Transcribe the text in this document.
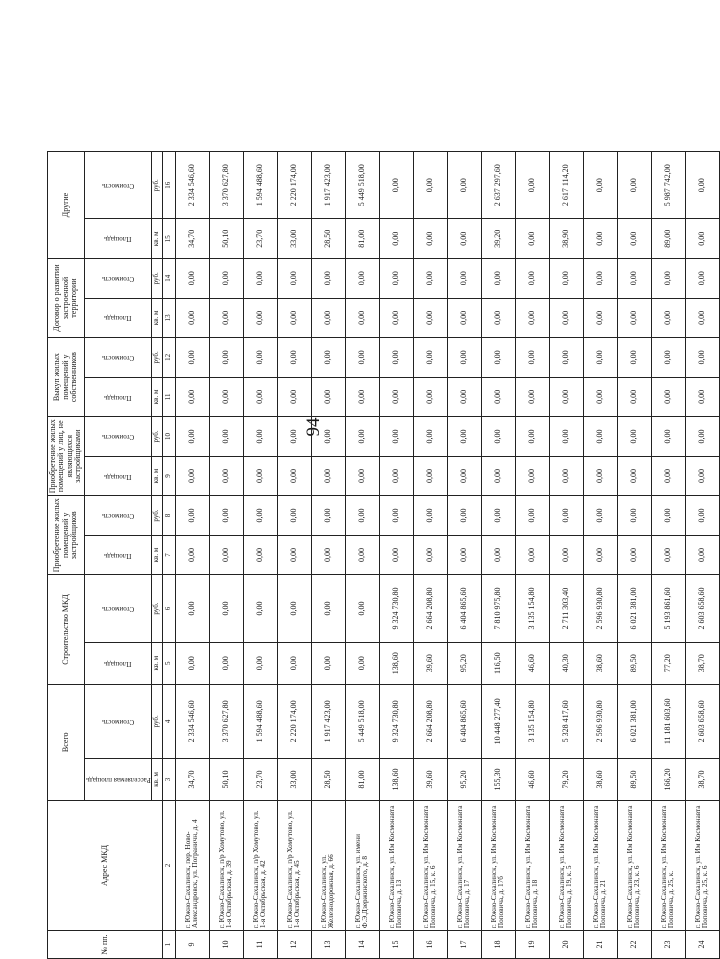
94
№ пп.	Адрес МКД	Всего		Строительство МКД		Приобретение жилых помещений у застройщиков		Приобретение жилых помещений у лиц, не являющихся застройщиками		Выкуп жилых помещений у собственников		Договор о развитии застроенной территории		Другие	

		Расселяемая площадь	Стоимость	Площадь	Стоимость	Площадь	Стоимость	Площадь	Стоимость	Площадь	Стоимость	Площадь	Стоимость	Площадь	Стоимость

		кв. м	руб.	кв. м	руб.	кв. м	руб.	кв. м	руб.	кв. м	руб.	кв. м	руб.	кв. м	руб.
1	2	3	4	5	6	7	8	9	10	11	12	13	14	15	16
9	г. Южно-Сахалинск, пер. Ново-Александровск, ул. Пограничн, д. 4	34,70	2 334 546,60	0,00	0,00	0,00	0,00	0,00	0,00	0,00	0,00	0,00	0,00	34,70	2 334 546,60
10	г. Южно-Сахалинск, п/р Хомутово, ул. 1-я Октябрьская, д. 39	50,10	3 370 627,80	0,00	0,00	0,00	0,00	0,00	0,00	0,00	0,00	0,00	0,00	50,10	3 370 627,80
11	г. Южно-Сахалинск, п/р Хомутово, ул. 1-я Октябрьская, д. 42	23,70	1 594 488,60	0,00	0,00	0,00	0,00	0,00	0,00	0,00	0,00	0,00	0,00	23,70	1 594 488,60
12	г. Южно-Сахалинск, п/р Хомутово, ул. 1-я Октябрьская, д. 45	33,00	2 220 174,00	0,00	0,00	0,00	0,00	0,00	0,00	0,00	0,00	0,00	0,00	33,00	2 220 174,00
13	г. Южно-Сахалинск, ул. Железнодорожная, д. 66	28,50	1 917 423,00	0,00	0,00	0,00	0,00	0,00	0,00	0,00	0,00	0,00	0,00	28,50	1 917 423,00
14	г. Южно-Сахалинск, ул. имени Ф.Э.Дзержинского, д. 8	81,00	5 449 518,00	0,00	0,00	0,00	0,00	0,00	0,00	0,00	0,00	0,00	0,00	81,00	5 449 518,00
15	г. Южно-Сахалинск, ул. Им Космонавта Поповича, д. 13	138,60	9 324 730,80	138,60	9 324 730,80	0,00	0,00	0,00	0,00	0,00	0,00	0,00	0,00	0,00	0,00
16	г. Южно-Сахалинск, ул. Им Космонавта Поповича, д. 15, к. 6	39,60	2 664 208,80	39,60	2 664 208,80	0,00	0,00	0,00	0,00	0,00	0,00	0,00	0,00	0,00	0,00
17	г. Южно-Сахалинск, ул. Им Космонавта Поповича, д. 17	95,20	6 404 865,60	95,20	6 404 865,60	0,00	0,00	0,00	0,00	0,00	0,00	0,00	0,00	0,00	0,00
18	г. Южно-Сахалинск, ул. Им Космонавта Поповича, д. 17б	155,30	10 448 277,40	116,50	7 810 975,80	0,00	0,00	0,00	0,00	0,00	0,00	0,00	0,00	39,20	2 637 297,60
19	г. Южно-Сахалинск, ул. Им Космонавта Поповича, д. 18	46,60	3 135 154,80	46,60	3 135 154,80	0,00	0,00	0,00	0,00	0,00	0,00	0,00	0,00	0,00	0,00
20	г. Южно-Сахалинск, ул. Им Космонавта Поповича, д. 19, к. 5	79,20	5 328 417,60	40,30	2 711 303,40	0,00	0,00	0,00	0,00	0,00	0,00	0,00	0,00	38,90	2 617 114,20
21	г. Южно-Сахалинск, ул. Им Космонавта Поповича, д. 21	38,60	2 596 930,80	38,60	2 596 930,80	0,00	0,00	0,00	0,00	0,00	0,00	0,00	0,00	0,00	0,00
22	г. Южно-Сахалинск, ул. Им Космонавта Поповича, д. 23, к. 6	89,50	6 021 381,00	89,50	6 021 381,00	0,00	0,00	0,00	0,00	0,00	0,00	0,00	0,00	0,00	0,00
23	г. Южно-Сахалинск, ул. Им Космонавта Поповича, д. 25, к.	166,20	11 181 603,60	77,20	5 193 861,60	0,00	0,00	0,00	0,00	0,00	0,00	0,00	0,00	89,00	5 987 742,00
24	г. Южно-Сахалинск, ул. Им Космонавта Поповича, д. 25, к. 6	38,70	2 603 658,60	38,70	2 603 658,60	0,00	0,00	0,00	0,00	0,00	0,00	0,00	0,00	0,00	0,00
